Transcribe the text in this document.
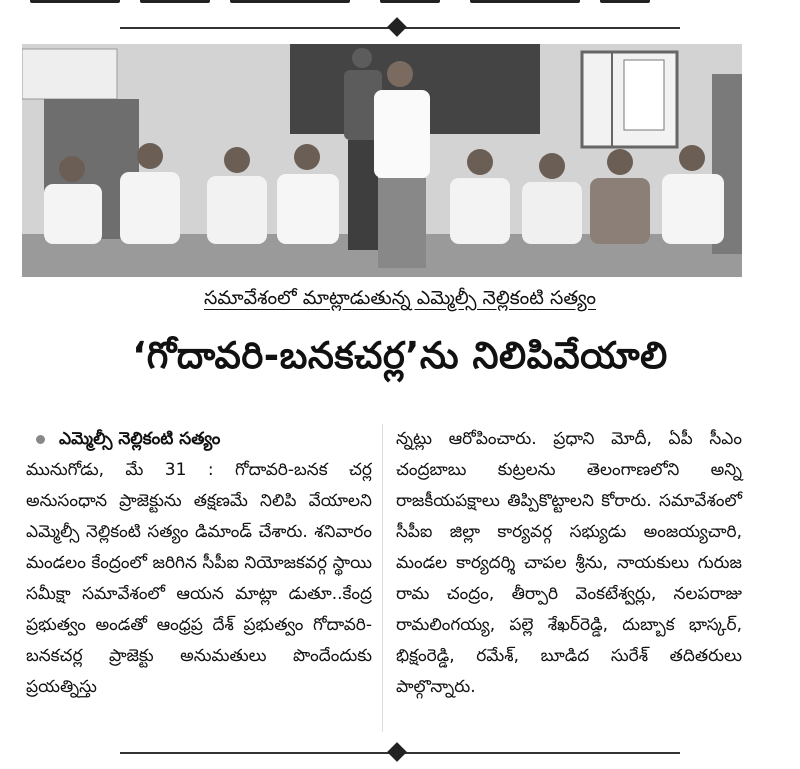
సమావేశంలో మాట్లాడుతున్న ఎమ్మెల్సీ నెల్లికంటి సత్యం
‘గోదావరి-బనకచర్ల’ను నిలిపివేయాలి
ఎమ్మెల్సీ నెల్లికంటి సత్యం
మునుగోడు, మే 31 : గోదావరి-బనక చర్ల అనుసంధాన ప్రాజెక్టును తక్షణమే నిలిపి వేయాలని ఎమ్మెల్సీ నెల్లికంటి సత్యం డిమాండ్ చేశారు. శనివారం మండలం కేంద్రంలో జరిగిన సీపీఐ నియోజకవర్గ స్థాయి సమీక్షా సమావేశంలో ఆయన మాట్లా డుతూ..కేంద్ర ప్రభుత్వం అండతో ఆంధ్రప్ర దేశ్ ప్రభుత్వం గోదావరి-బనకచర్ల ప్రాజెక్టు అనుమతులు పొందేందుకు ప్రయత్నిస్తు
న్నట్లు ఆరోపించారు. ప్రధాని మోదీ, ఏపీ సీఎం చంద్రబాబు కుట్రలను తెలంగాణలోని అన్ని రాజకీయపక్షాలు తిప్పికొట్టాలని కోరారు. సమావేశంలో సీపీఐ జిల్లా కార్యవర్గ సభ్యుడు అంజయ్యచారి, మండల కార్యదర్శి చాపల శ్రీను, నాయకులు గురుజ రామ చంద్రం, తీర్పారి వెంకటేశ్వర్లు, నలపరాజు రామలింగయ్య, పల్లె శేఖర్‌రెడ్డి, దుబ్బాక భాస్కర్, భిక్షంరెడ్డి, రమేశ్, బూడిద సురేశ్ తదితరులు పాల్గొన్నారు.
